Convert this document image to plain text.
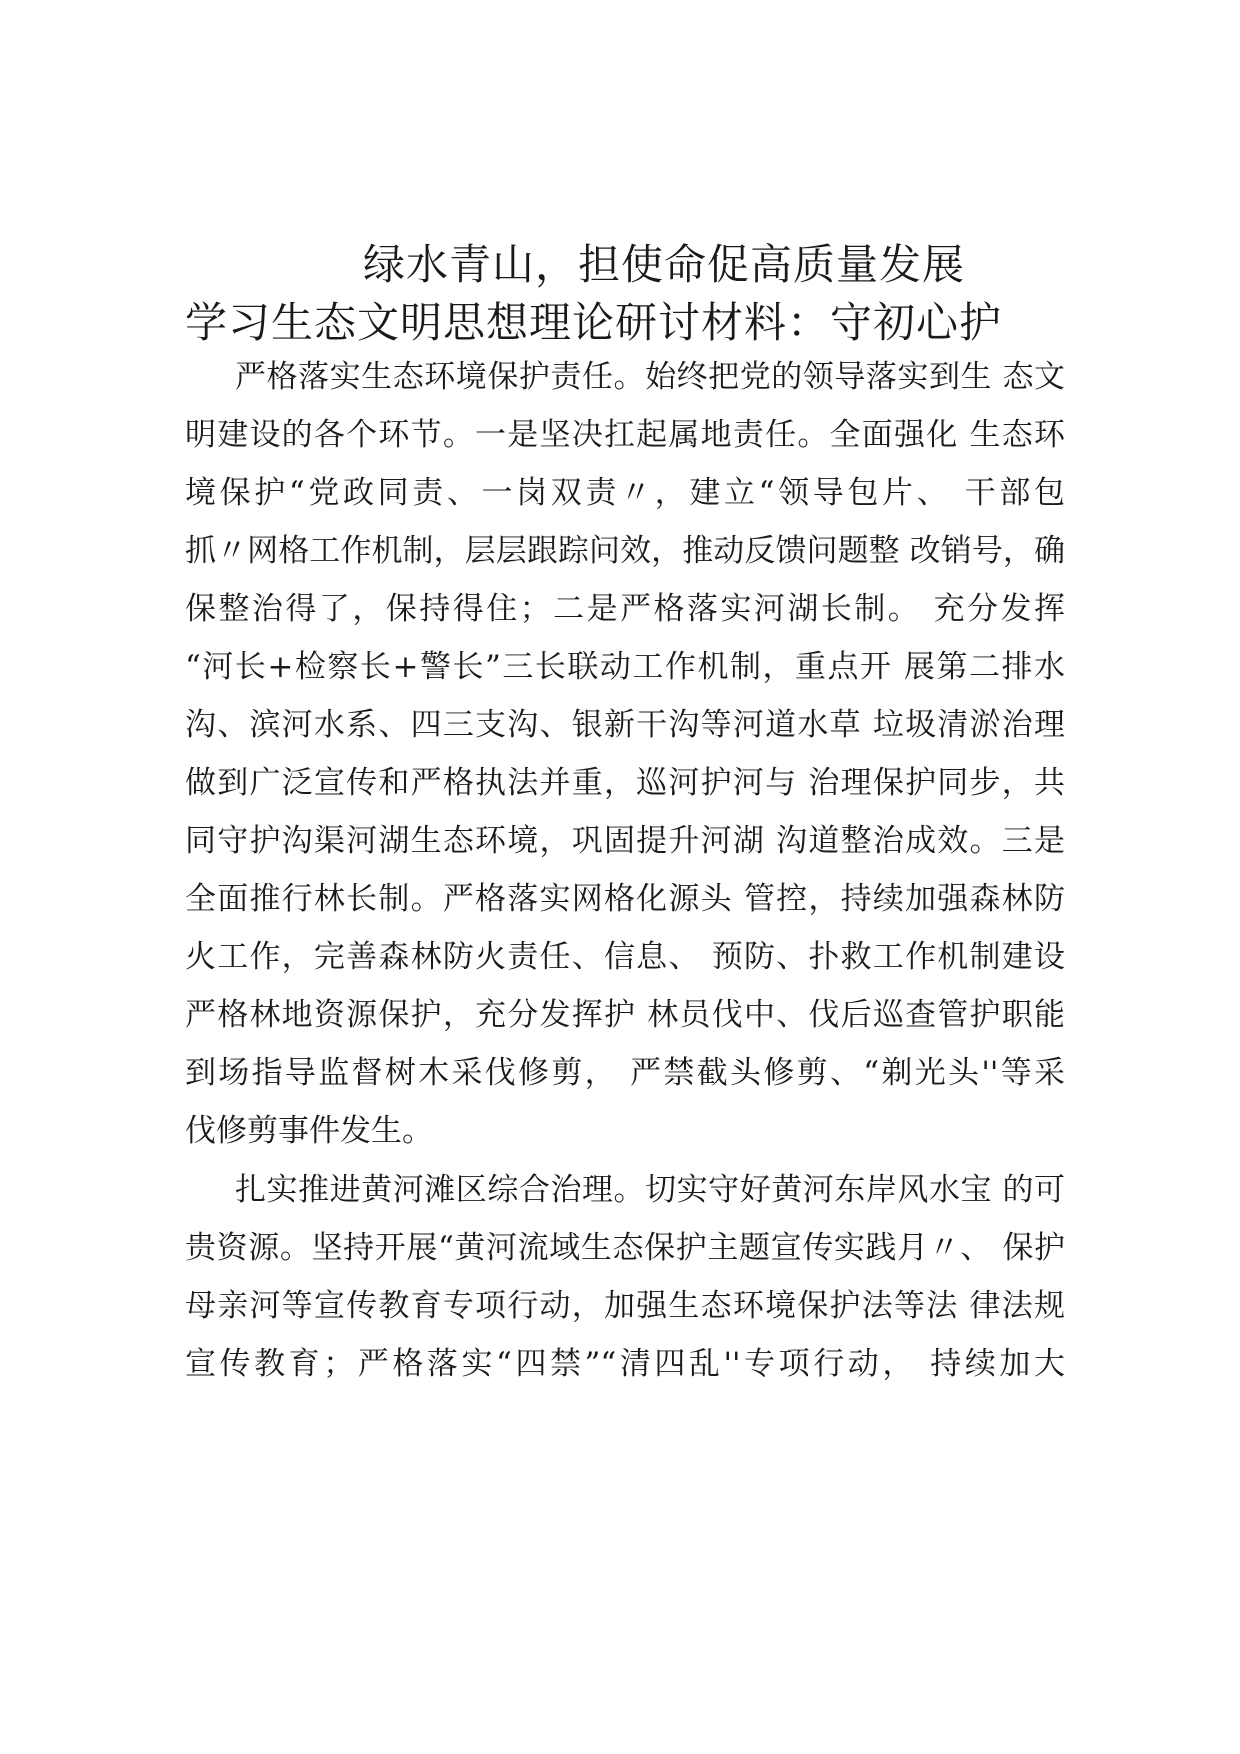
绿水青山，担使命促高质量发展
学习生态文明思想理论研讨材料：守初心护
严格落实生态环境保护责任。始终把党的领导落实到生 态文
明建设的各个环节。一是坚决扛起属地责任。全面强化 生态环
境保护“党政同责、一岗双责〃，建立“领导包片、 干部包
抓〃网格工作机制，层层跟踪问效，推动反馈问题整 改销号，确
保整治得了，保持得住；二是严格落实河湖长制。 充分发挥
“河长+检察长+警长”三长联动工作机制，重点开 展第二排水
沟、滨河水系、四三支沟、银新干沟等河道水草 垃圾清淤治理
做到广泛宣传和严格执法并重，巡河护河与 治理保护同步，共
同守护沟渠河湖生态环境，巩固提升河湖 沟道整治成效。三是
全面推行林长制。严格落实网格化源头 管控，持续加强森林防
火工作，完善森林防火责任、信息、 预防、扑救工作机制建设
严格林地资源保护，充分发挥护 林员伐中、伐后巡查管护职能
到场指导监督树木采伐修剪， 严禁截头修剪、“剃光头''等采
伐修剪事件发生。
扎实推进黄河滩区综合治理。切实守好黄河东岸风水宝 的可
贵资源。坚持开展“黄河流域生态保护主题宣传实践月〃、 保护
母亲河等宣传教育专项行动，加强生态环境保护法等法 律法规
宣传教育；严格落实“四禁”“清四乱''专项行动， 持续加大
